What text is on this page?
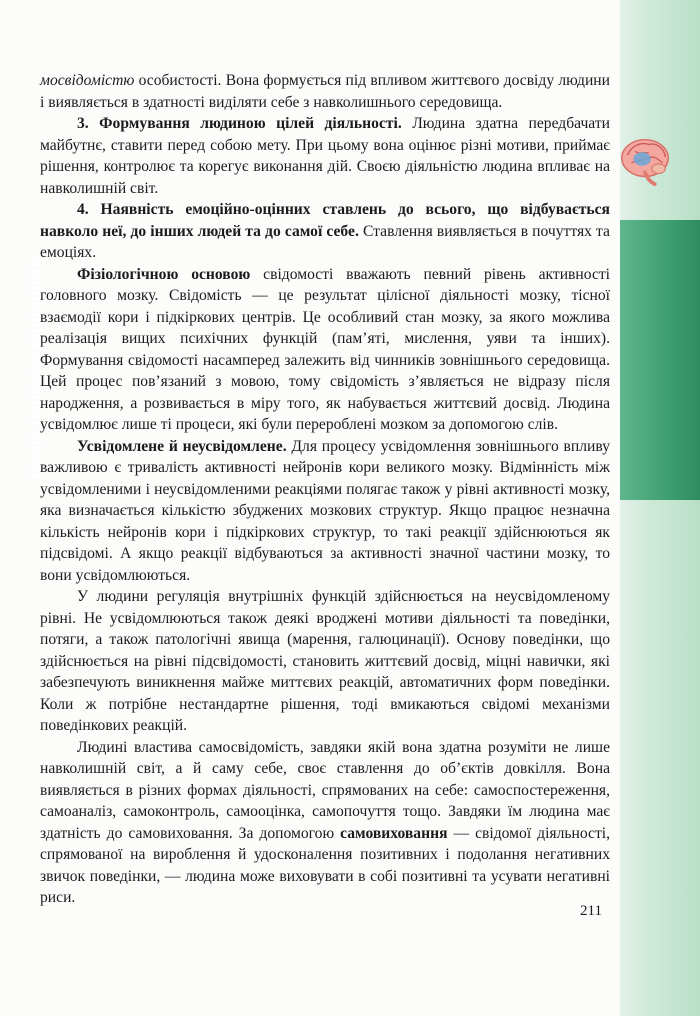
Вища нервова діяльність

мосвідомістю особистості. Вона формується під впливом життєвого досвіду людини і виявляється в здатності виділяти себе з навколишнього середовища.

3. Формування людиною цілей діяльності. Людина здатна передбачати майбутнє, ставити перед собою мету. При цьому вона оцінює різні мотиви, приймає рішення, контролює та корегує виконання дій. Своєю діяльністю людина впливає на навколишній світ.

4. Наявність емоційно-оцінних ставлень до всього, що відбувається навколо неї, до інших людей та до самої себе. Ставлення виявляється в почуттях та емоціях.

Фізіологічною основою свідомості вважають певний рівень активності головного мозку. Свідомість — це результат цілісної діяльності мозку, тісної взаємодії кори і підкіркових центрів. Це особливий стан мозку, за якого можлива реалізація вищих психічних функцій (пам’яті, мислення, уяви та інших). Формування свідомості насамперед залежить від чинників зовнішнього середовища. Цей процес пов’язаний з мовою, тому свідомість з’являється не відразу після народження, а розвивається в міру того, як набувається життєвий досвід. Людина усвідомлює лише ті процеси, які були перероблені мозком за допомогою слів.

Усвідомлене й неусвідомлене. Для процесу усвідомлення зовнішнього впливу важливою є тривалість активності нейронів кори великого мозку. Відмінність між усвідомленими і неусвідомленими реакціями полягає також у рівні активності мозку, яка визначається кількістю збуджених мозкових структур. Якщо працює незначна кількість нейронів кори і підкіркових структур, то такі реакції здійснюються як підсвідомі. А якщо реакції відбуваються за активності значної частини мозку, то вони усвідомлюються.

У людини регуляція внутрішніх функцій здійснюється на неусвідомленому рівні. Не усвідомлюються також деякі вроджені мотиви діяльності та поведінки, потяги, а також патологічні явища (марення, галюцинації). Основу поведінки, що здійснюється на рівні підсвідомості, становить життєвий досвід, міцні навички, які забезпечують виникнення майже миттєвих реакцій, автоматичних форм поведінки. Коли ж потрібне нестандартне рішення, тоді вмикаються свідомі механізми поведінкових реакцій.

Людині властива самосвідомість, завдяки якій вона здатна розуміти не лише навколишній світ, а й саму себе, своє ставлення до об’єктів довкілля. Вона виявляється в різних формах діяльності, спрямованих на себе: самоспостереження, самоаналіз, самоконтроль, самооцінка, самопочуття тощо. Завдяки їм людина має здатність до самовиховання. За допомогою самовиховання — свідомої діяльності, спрямованої на вироблення й удосконалення позитивних і подолання негативних звичок поведінки, — людина може виховувати в собі позитивні та усувати негативні риси.

211
